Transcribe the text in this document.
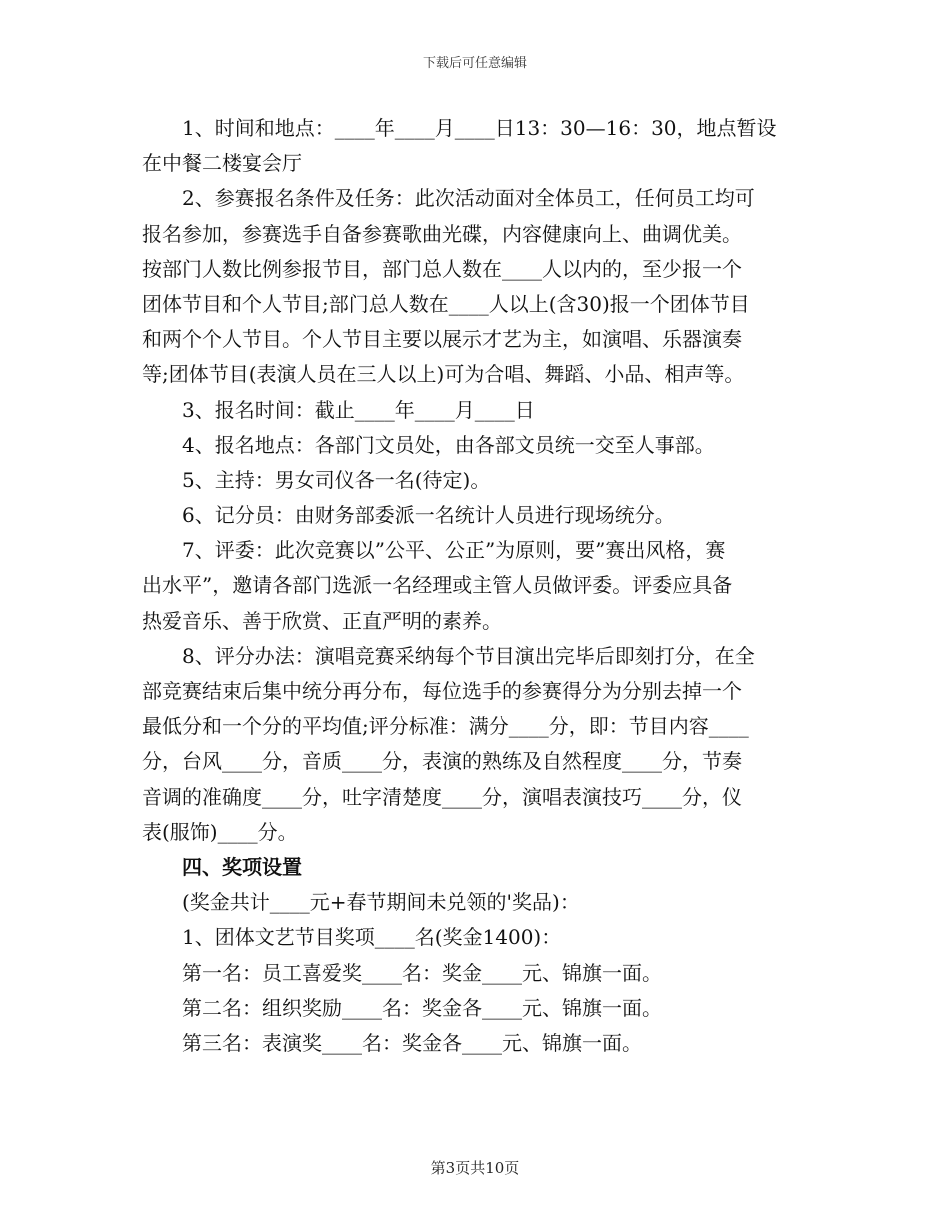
下载后可任意编辑
　　1、时间和地点：____年____月____日13：30—16：30，地点暂设
在中餐二楼宴会厅
　　2、参赛报名条件及任务：此次活动面对全体员工，任何员工均可
报名参加，参赛选手自备参赛歌曲光碟，内容健康向上、曲调优美。
按部门人数比例参报节目，部门总人数在____人以内的，至少报一个
团体节目和个人节目;部门总人数在____人以上(含30)报一个团体节目
和两个个人节目。个人节目主要以展示才艺为主，如演唱、乐器演奏
等;团体节目(表演人员在三人以上)可为合唱、舞蹈、小品、相声等。
　　3、报名时间：截止____年____月____日
　　4、报名地点：各部门文员处，由各部文员统一交至人事部。
　　5、主持：男女司仪各一名(待定)。
　　6、记分员：由财务部委派一名统计人员进行现场统分。
　　7、评委：此次竞赛以”公平、公正”为原则，要”赛出风格，赛
出水平”，邀请各部门选派一名经理或主管人员做评委。评委应具备
热爱音乐、善于欣赏、正直严明的素养。
　　8、评分办法：演唱竞赛采纳每个节目演出完毕后即刻打分，在全
部竞赛结束后集中统分再分布，每位选手的参赛得分为分别去掉一个
最低分和一个分的平均值;评分标准：满分____分，即：节目内容____
分，台风____分，音质____分，表演的熟练及自然程度____分，节奏
音调的准确度____分，吐字清楚度____分，演唱表演技巧____分，仪
表(服饰)____分。
　　四、奖项设置
　　(奖金共计____元+春节期间未兑领的'奖品)：
　　1、团体文艺节目奖项____名(奖金1400)：
　　第一名：员工喜爱奖____名：奖金____元、锦旗一面。
　　第二名：组织奖励____名：奖金各____元、锦旗一面。
　　第三名：表演奖____名：奖金各____元、锦旗一面。
第3页共10页
